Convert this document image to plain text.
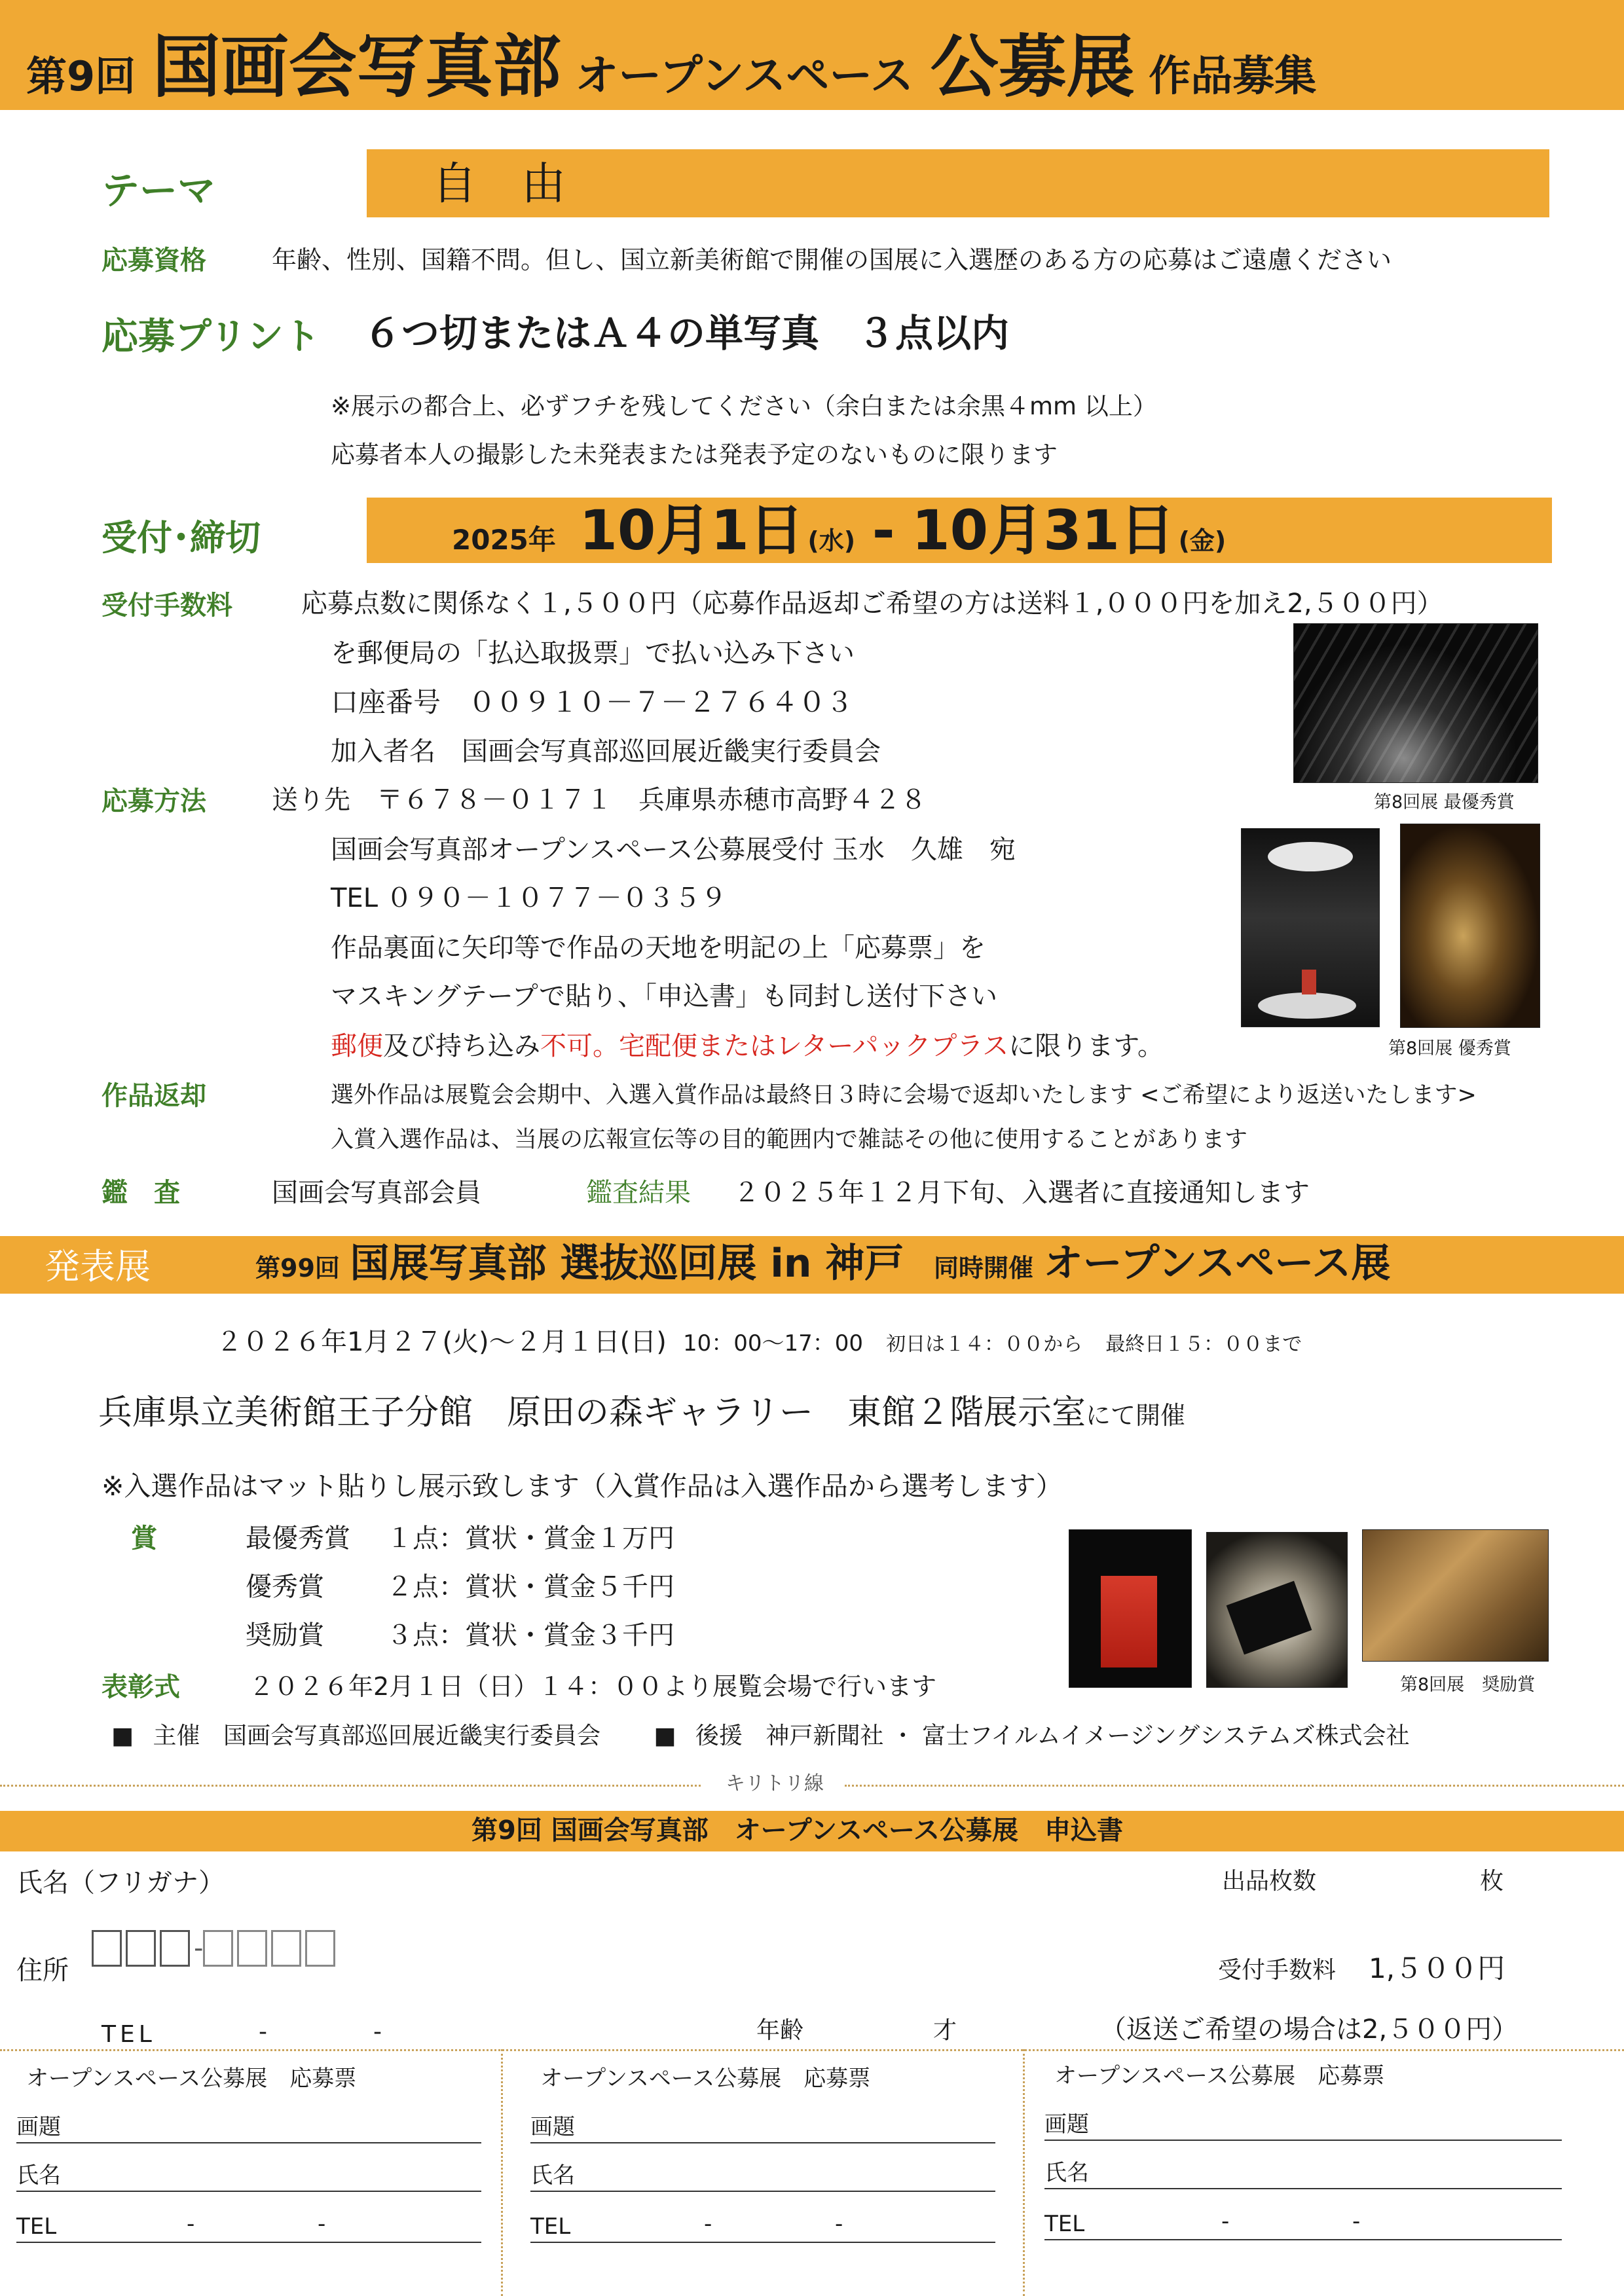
第9回 国画会写真部 オープンスペース 公募展 作品募集
テーマ	自　由
応募資格	年齢、性別、国籍不問。但し、国立新美術館で開催の国展に入選歴のある方の応募はご遠慮ください
応募プリント ６つ切またはＡ４の単写真　３点以内
※展示の都合上、必ずフチを残してください（余白または余黒４mm 以上）
応募者本人の撮影した未発表または発表予定のないものに限ります
受付･締切	2025年 10月1日 (水) - 10月31日 (金)
受付手数料	応募点数に関係なく１,５００円（応募作品返却ご希望の方は送料１,０００円を加え2,５００円）
を郵便局の「払込取扱票」で払い込み下さい
口座番号　００９１０－７－２７６４０３
加入者名　国画会写真部巡回展近畿実行委員会
第8回展 最優秀賞
応募方法	送り先　〒６７８－０１７１　兵庫県赤穂市高野４２８
国画会写真部オープンスペース公募展受付 玉水　久雄　宛
TEL ０９０－１０７７－０３５９
作品裏面に矢印等で作品の天地を明記の上「応募票」を
マスキングテープで貼り、「申込書」も同封し送付下さい
郵便及び持ち込み不可。宅配便またはレターパックプラスに限ります。	第8回展 優秀賞
作品返却	選外作品は展覧会会期中、入選入賞作品は最終日３時に会場で返却いたします <ご希望により返送いたします>
入賞入選作品は、当展の広報宣伝等の目的範囲内で雑誌その他に使用することがあります
鑑　査	国画会写真部会員	鑑査結果 ２０２５年１２月下旬、入選者に直接通知します
発表展	第99回 国展写真部 選抜巡回展 in 神戸 同時開催 オープンスペース展
２０２６年1月２７(火)～２月１日(日) 10：00～17：00 初日は１４：００から 最終日１５：００まで
兵庫県立美術館王子分館　原田の森ギャラリー　東館２階展示室にて開催
※入選作品はマット貼りし展示致します（入賞作品は入選作品から選考します）
賞	最優秀賞 １点：賞状・賞金１万円
優秀賞 ２点：賞状・賞金５千円
奨励賞 ３点：賞状・賞金３千円
第8回展　奨励賞
表彰式	２０２６年2月１日（日）１４：００より展覧会場で行います
■ 主催 国画会写真部巡回展近畿実行委員会 ■ 後援 神戸新聞社 ・ 富士フイルムイメージングシステムズ株式会社
キリトリ線
第9回 国画会写真部　オープンスペース公募展　申込書
氏名（フリガナ）	出品枚数	枚
住所
-
受付手数料 1,５００円
TEL	-	-	年齢	才	（返送ご希望の場合は2,５００円）
オープンスペース公募展　応募票
画題
氏名
TEL	-	-
オープンスペース公募展　応募票
画題
氏名
TEL	-	-
オープンスペース公募展　応募票
画題
氏名
TEL	-	-
